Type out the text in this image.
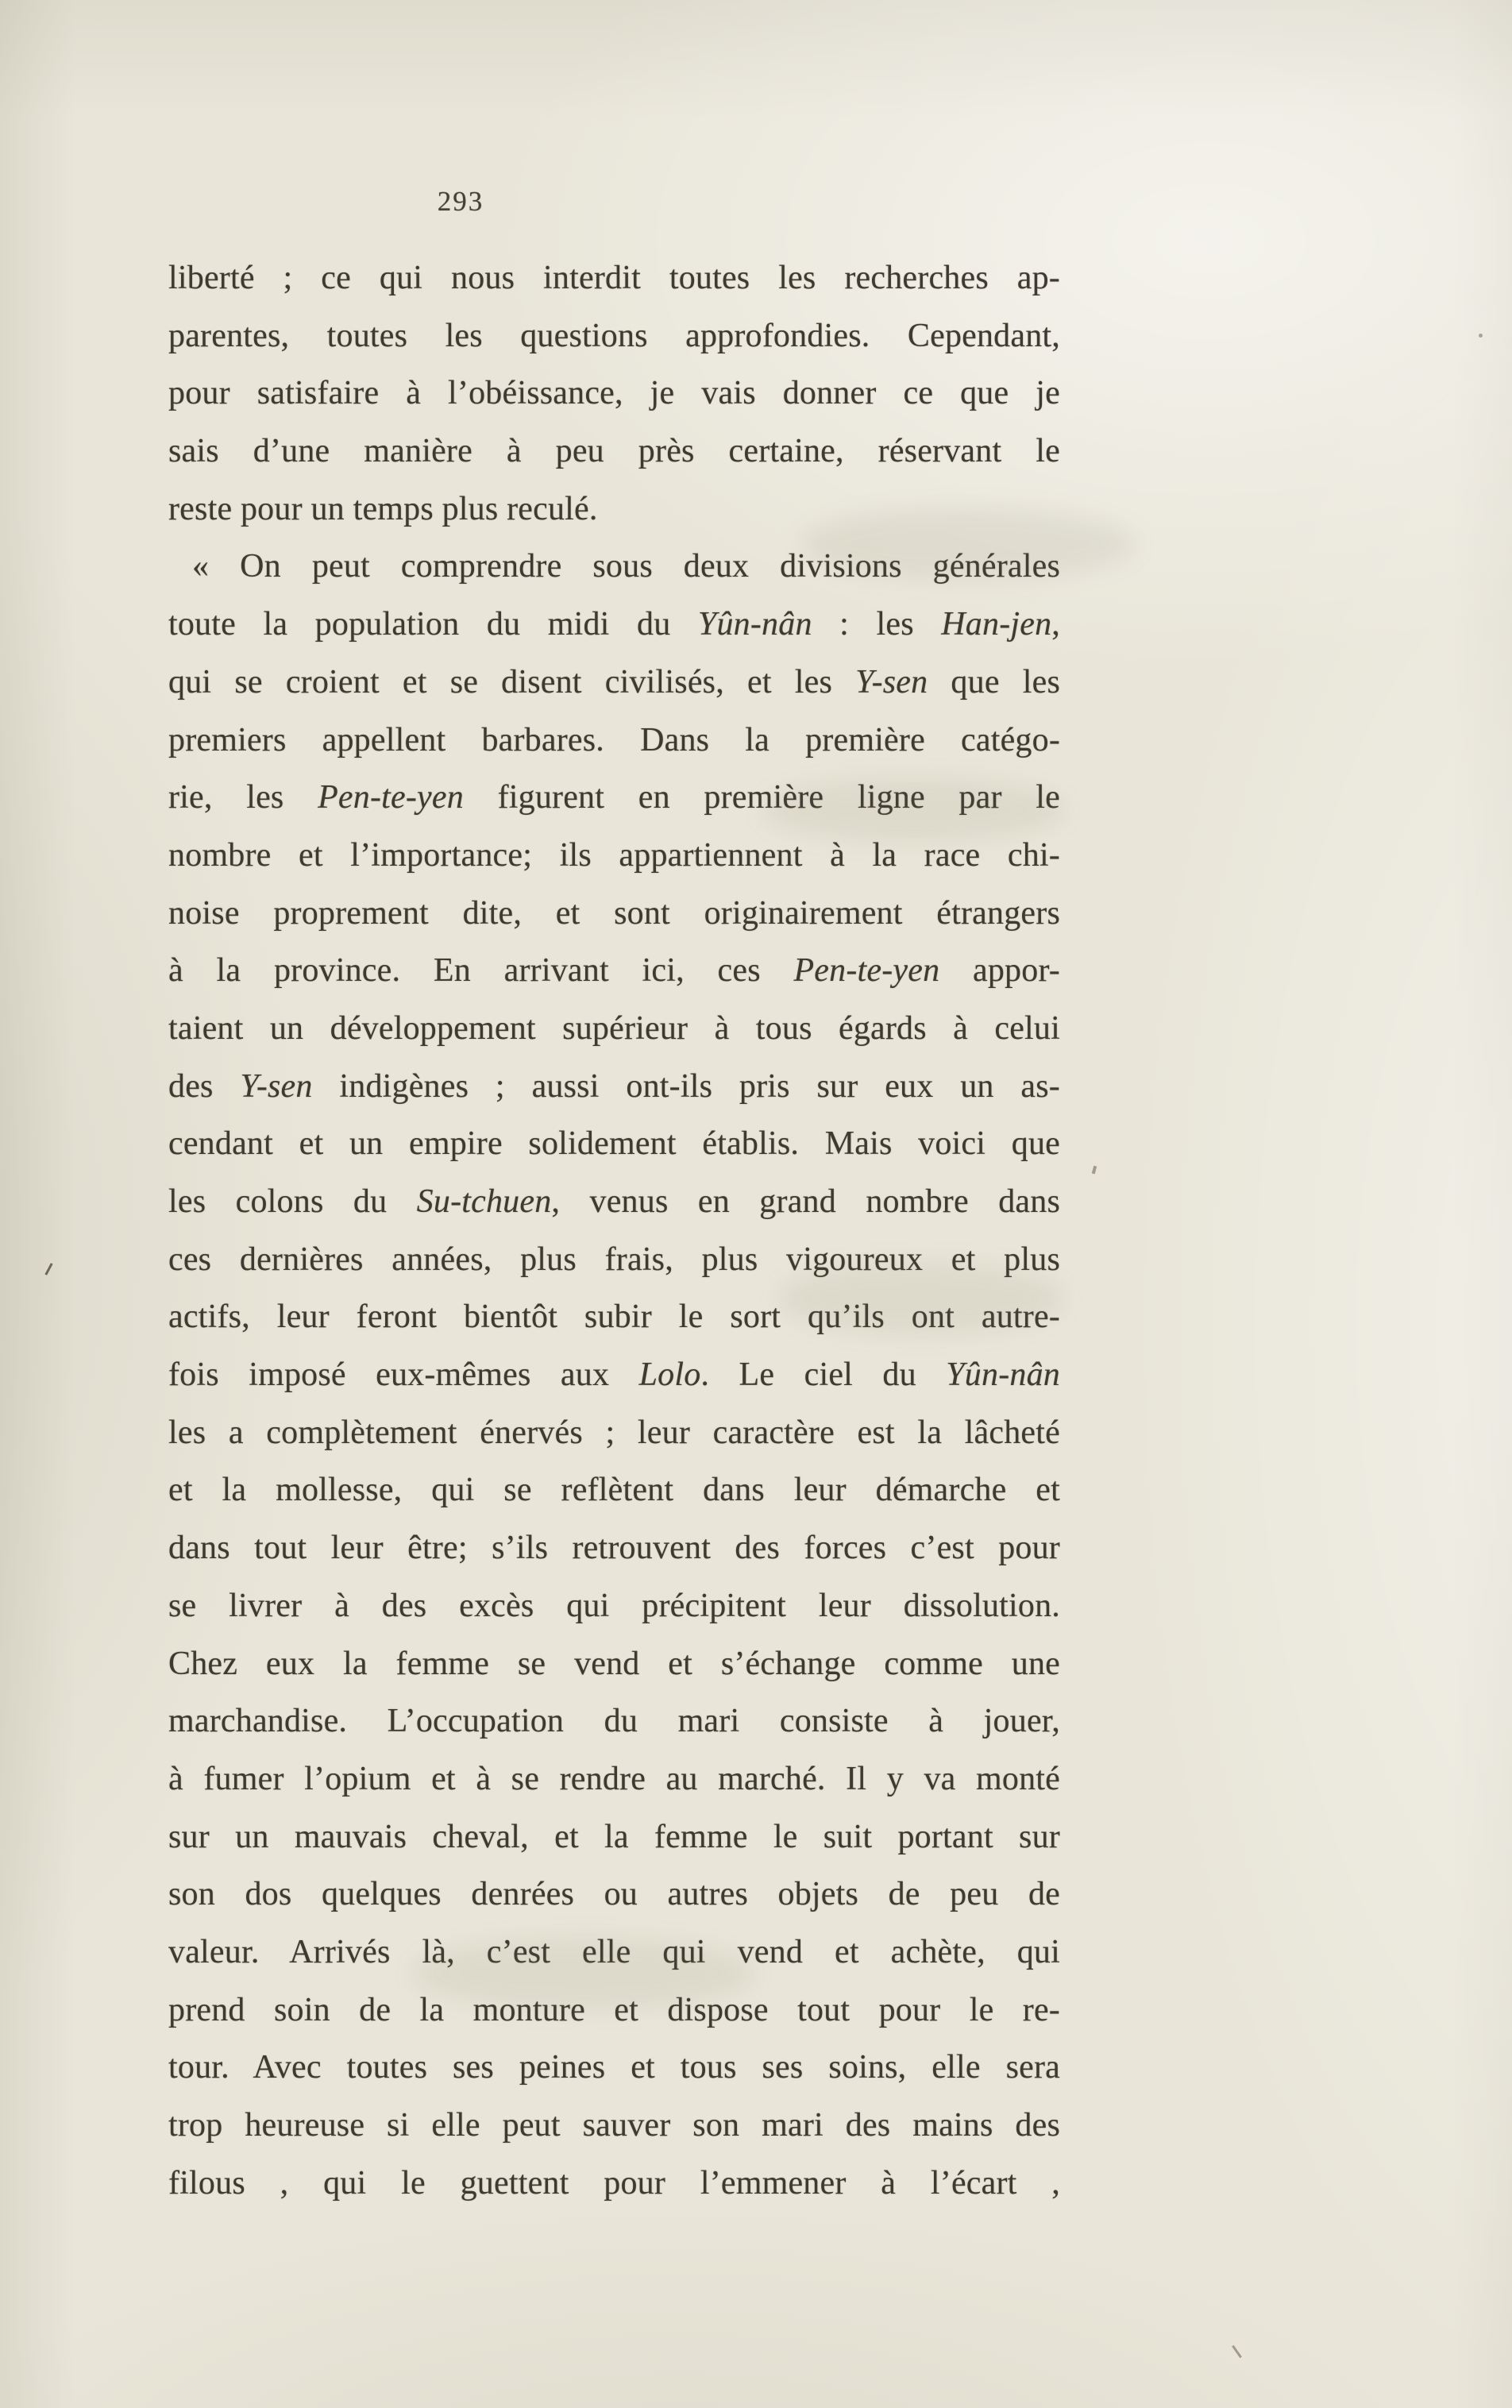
293
liberté ; ce qui nous interdit toutes les recherches ap-
parentes, toutes les questions approfondies. Cependant,
pour satisfaire à l’obéissance, je vais donner ce que je
sais d’une manière à peu près certaine, réservant le
reste pour un temps plus reculé.
« On peut comprendre sous deux divisions générales
toute la population du midi du Yûn-nân : les Han-jen,
qui se croient et se disent civilisés, et les Y-sen que les
premiers appellent barbares. Dans la première catégo-
rie, les Pen-te-yen figurent en première ligne par le
nombre et l’importance; ils appartiennent à la race chi-
noise proprement dite, et sont originairement étrangers
à la province. En arrivant ici, ces Pen-te-yen appor-
taient un développement supérieur à tous égards à celui
des Y-sen indigènes ; aussi ont-ils pris sur eux un as-
cendant et un empire solidement établis. Mais voici que
les colons du Su-tchuen, venus en grand nombre dans
ces dernières années, plus frais, plus vigoureux et plus
actifs, leur feront bientôt subir le sort qu’ils ont autre-
fois imposé eux-mêmes aux Lolo. Le ciel du Yûn-nân
les a complètement énervés ; leur caractère est la lâcheté
et la mollesse, qui se reflètent dans leur démarche et
dans tout leur être; s’ils retrouvent des forces c’est pour
se livrer à des excès qui précipitent leur dissolution.
Chez eux la femme se vend et s’échange comme une
marchandise. L’occupation du mari consiste à jouer,
à fumer l’opium et à se rendre au marché. Il y va monté
sur un mauvais cheval, et la femme le suit portant sur
son dos quelques denrées ou autres objets de peu de
valeur. Arrivés là, c’est elle qui vend et achète, qui
prend soin de la monture et dispose tout pour le re-
tour. Avec toutes ses peines et tous ses soins, elle sera
trop heureuse si elle peut sauver son mari des mains des
filous , qui le guettent pour l’emmener à l’écart ,
